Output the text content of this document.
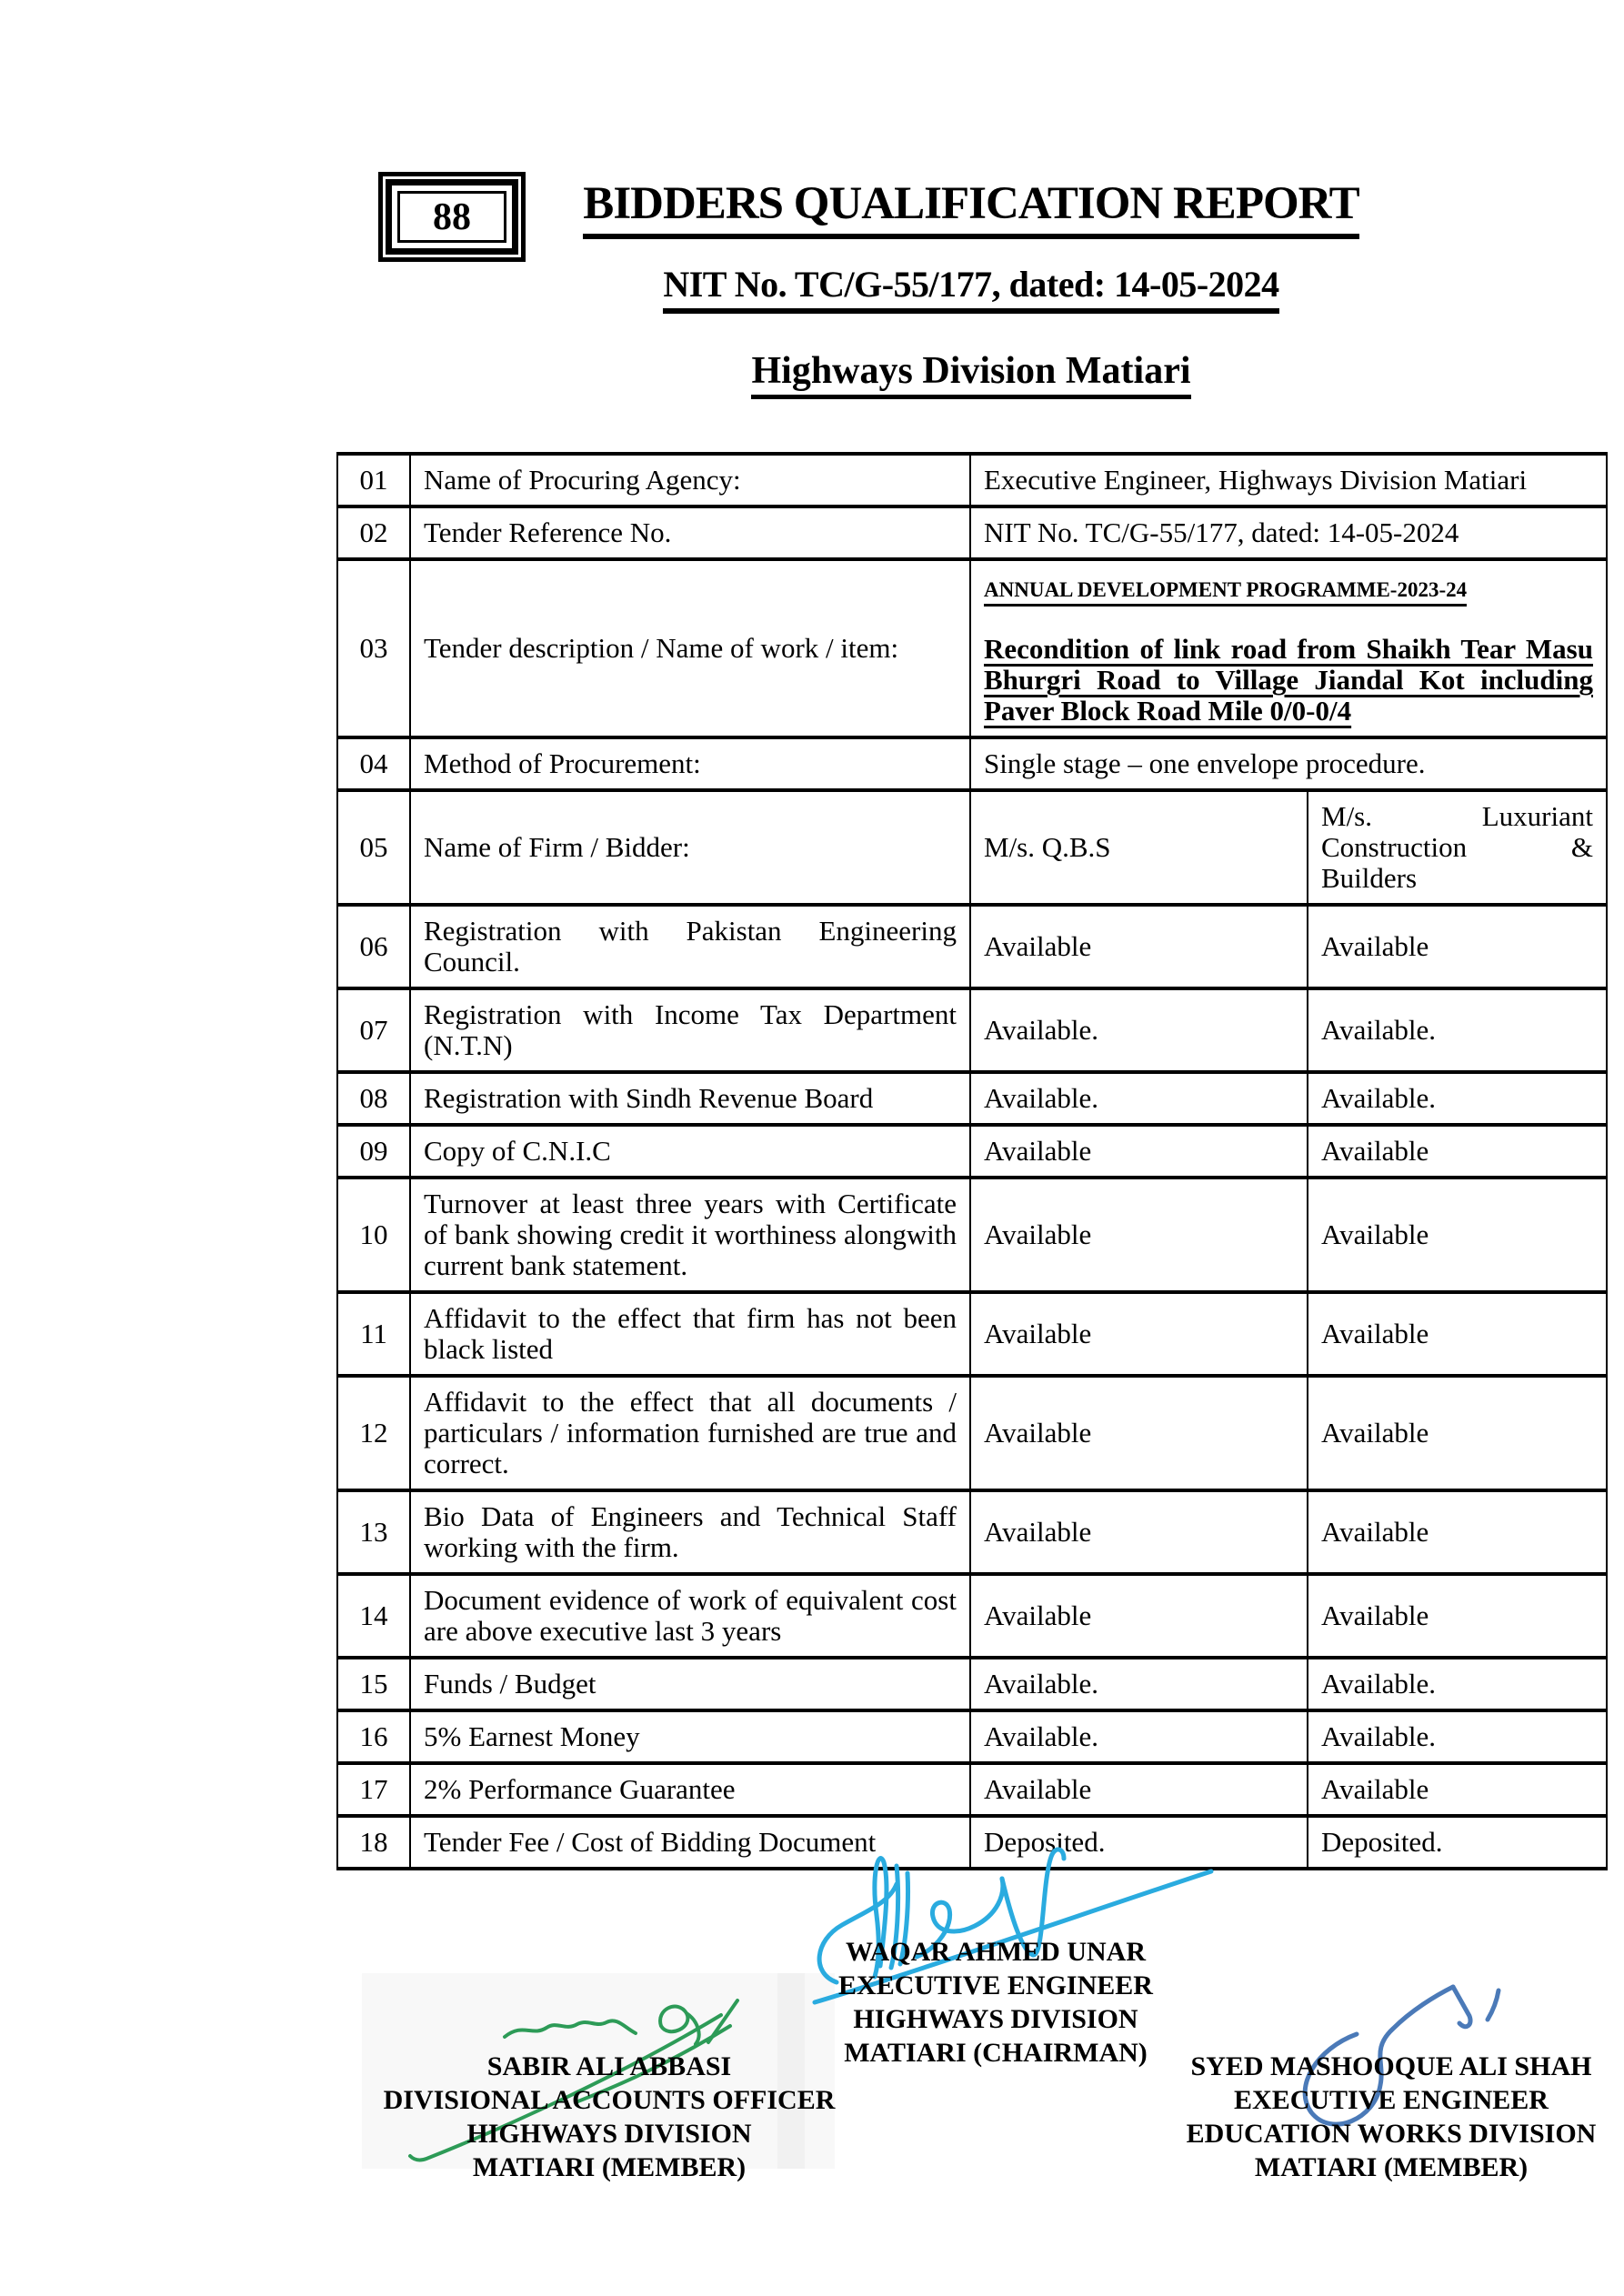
88	BIDDERS QUALIFICATION REPORT
NIT No. TC/G-55/177, dated: 14-05-2024
Highways Division Matiari
01	Name of Procuring Agency:	Executive Engineer, Highways Division Matiari	
02	Tender Reference No.	NIT No. TC/G-55/177, dated: 14-05-2024	
03	Tender description / Name of work / item:	ANNUAL DEVELOPMENT PROGRAMME-2023-24
Recondition of link road from Shaikh Tear Masu Bhurgri Road to Village Jiandal Kot including Paver Block Road Mile 0/0-0/4	

04	Method of Procurement:	Single stage – one envelope procedure.	
05	Name of Firm / Bidder:	M/s. Q.B.S	M/s. Luxuriant Construction & Builders
06	Registration with Pakistan Engineering Council.	Available	Available
07	Registration with Income Tax Department (N.T.N)	Available.	Available.
08	Registration with Sindh Revenue Board	Available.	Available.
09	Copy of C.N.I.C	Available	Available
10	Turnover at least three years with Certificate of bank showing credit it worthiness alongwith current bank statement.	Available	Available
11	Affidavit to the effect that firm has not been black listed	Available	Available
12	Affidavit to the effect that all documents / particulars / information furnished are true and correct.	Available	Available
13	Bio Data of Engineers and Technical Staff working with the firm.	Available	Available
14	Document evidence of work of equivalent cost are above executive last 3 years	Available	Available
15	Funds / Budget	Available.	Available.
16	5% Earnest Money	Available.	Available.
17	2% Performance Guarantee	Available	Available
18	Tender Fee / Cost of Bidding Document	Deposited.	Deposited.
WAQAR AHMED UNAR
EXECUTIVE ENGINEER
HIGHWAYS DIVISION
MATIARI (CHAIRMAN)
SABIR ALI ABBASI
DIVISIONAL ACCOUNTS OFFICER
HIGHWAYS DIVISION
MATIARI (MEMBER)
SYED MASHOOQUE ALI SHAH
EXECUTIVE ENGINEER
EDUCATION WORKS DIVISION
MATIARI (MEMBER)
